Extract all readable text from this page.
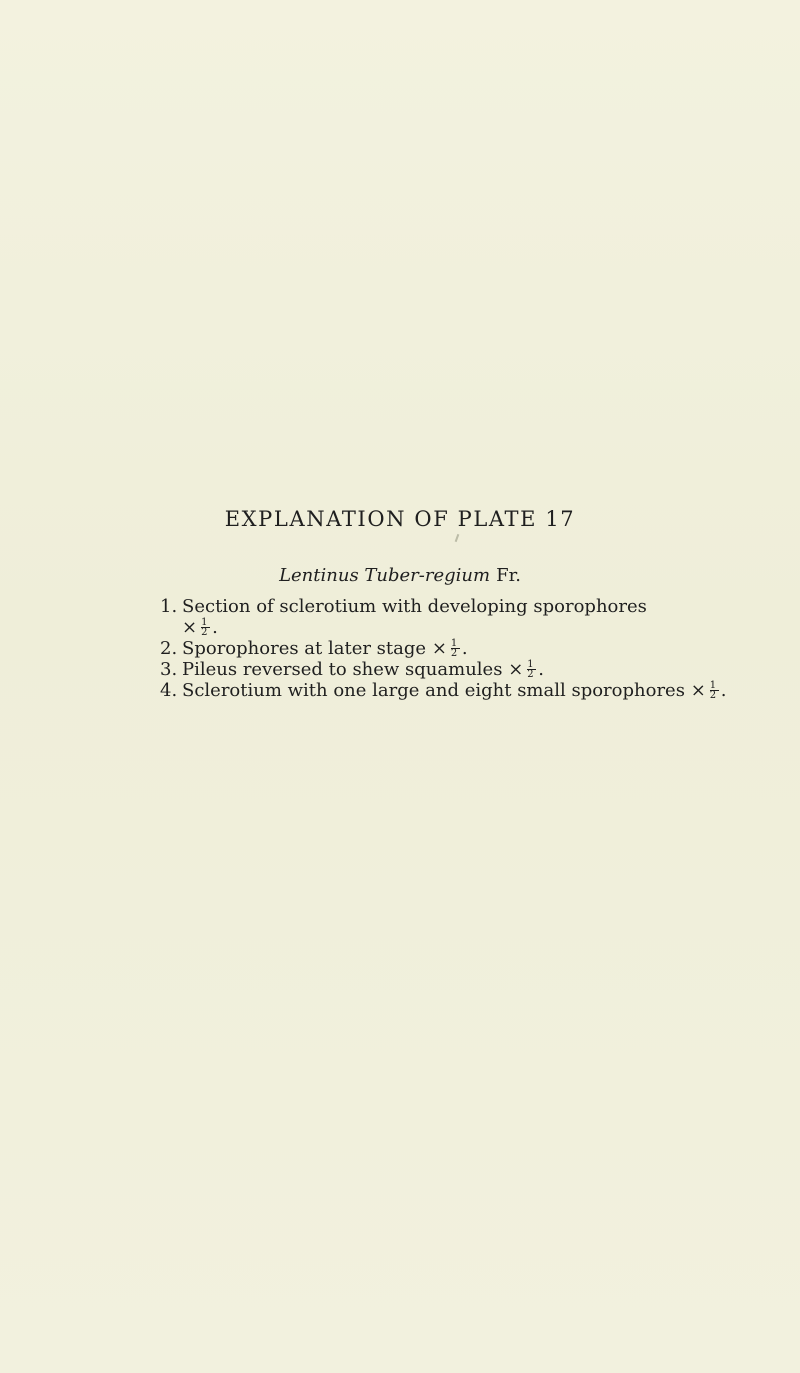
EXPLANATION OF PLATE 17
Lentinus Tuber-regium Fr.

1. Section of sclerotium with developing sporophores
× $\frac{1}{2}$ .

2. Sporophores at later stage × $\frac{1}{2}$ .

3. Pileus reversed to shew squamules × $\frac{1}{2}$ .

4. Sclerotium with one large and eight small sporophores × $\frac{1}{2}$ .
